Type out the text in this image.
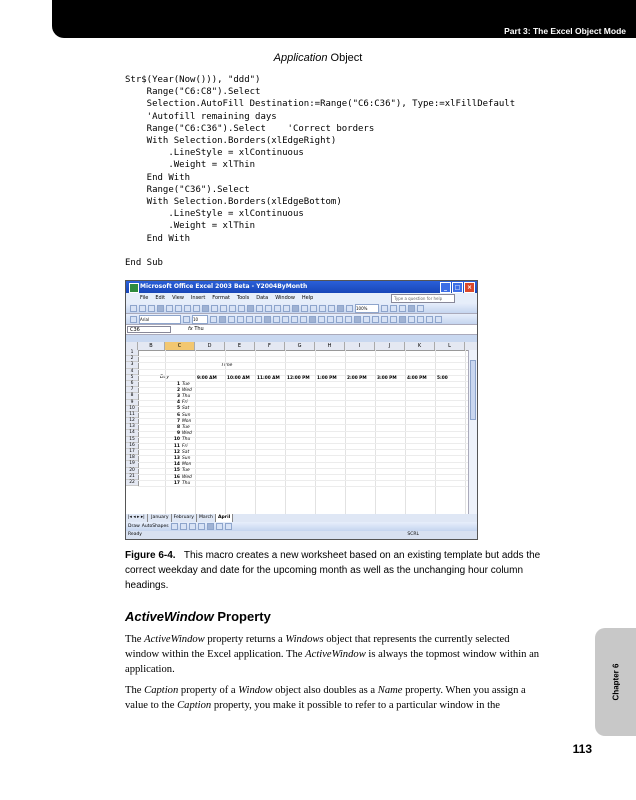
Part 3: The Excel Object Mode
Application Object
Str$(Year(Now())), "ddd")
Range("C6:C8").Select
Selection.AutoFill Destination:=Range("C6:C36"), Type:=xlFillDefault
'Autofill remaining days
Range("C6:C36").Select    'Correct borders
With Selection.Borders(xlEdgeRight)
.LineStyle = xlContinuous
.Weight = xlThin
End With
Range("C36").Select
With Selection.Borders(xlEdgeBottom)
.LineStyle = xlContinuous
.Weight = xlThin
End With

End Sub
Microsoft Office Excel 2003 Beta - Y2004ByMonth	_	□	×
File Edit View Insert Format Tools Data Window Help	Type a question for help
100%
Arial	10
C36	fx Thu
B	C	D	E	F	G	H	I	J	K	L
1
2
3
4
5
6
7
8
9
10
11
12
13
14
15
16
17
18
19
20
21
22
Time
Day	9:00 AM 10:00 AM 11:00 AM 12:00 PM 1:00 PM 2:00 PM 3:00 PM 4:00 PM 5:00
1 Tue
2 Wed
3 Thu
4 Fri
5 Sat
6 Sun
7 Mon
8 Tue
9 Wed
10 Thu
11 Fri
12 Sat
13 Sun
14 Mon
15 Tue
16 Wed
17 Thu
|◂ ◂ ▸ ▸| January February March April
Draw AutoShapes
Ready	SCRL
Figure 6-4. This macro creates a new worksheet based on an existing template but adds the correct weekday and date for the upcoming month as well as the unchanging hour column headings.
ActiveWindow Property

The ActiveWindow property returns a Windows object that represents the currently selected window within the Excel application. The ActiveWindow is always the topmost window within an application.

The Caption property of a Window object also doubles as a Name property. When you assign a value to the Caption property, you make it possible to refer to a particular window in the

Chapter 6
113
